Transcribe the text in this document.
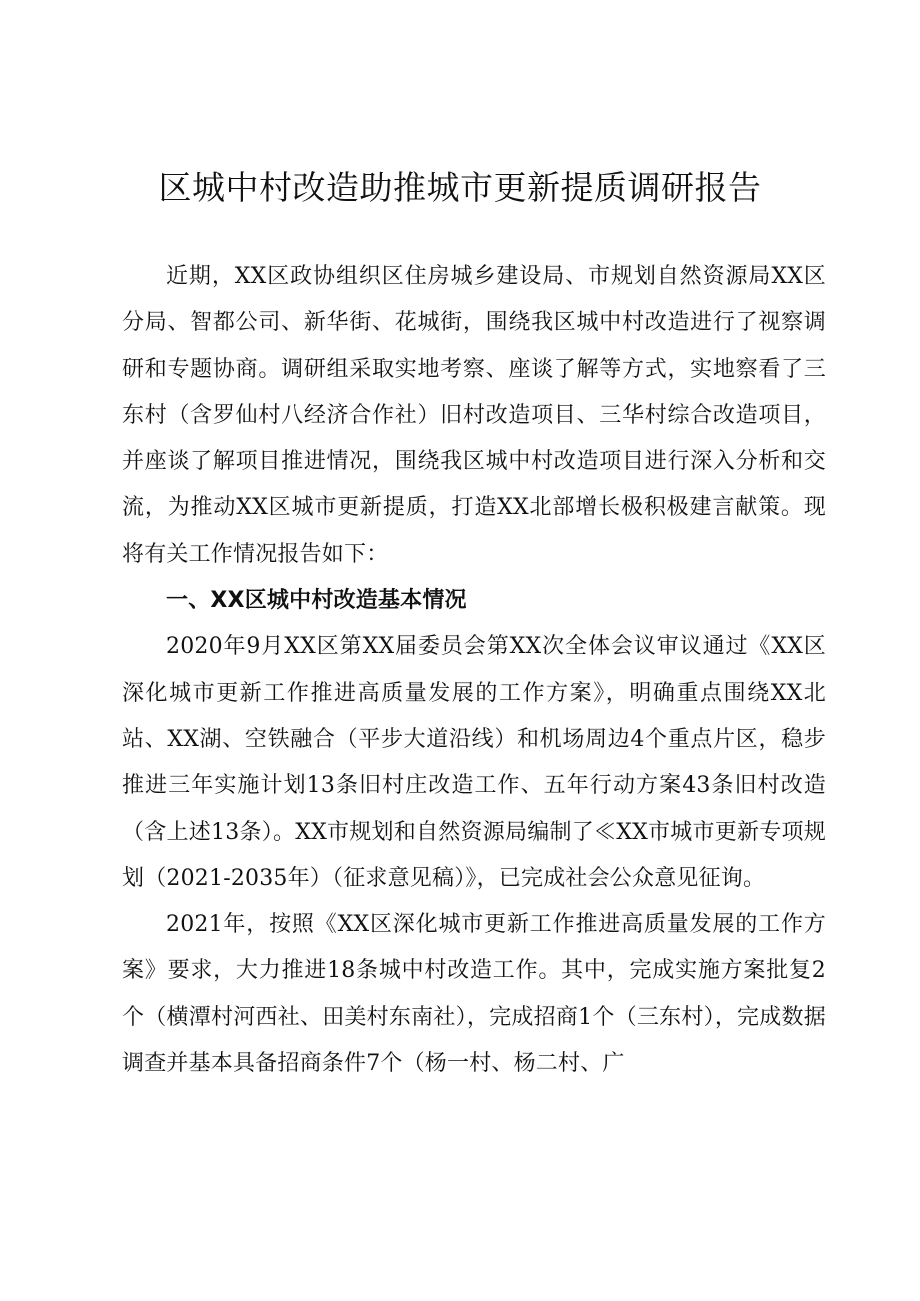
区城中村改造助推城市更新提质调研报告

近期，XX区政协组织区住房城乡建设局、市规划自然资源局XX区分局、智都公司、新华街、花城街，围绕我区城中村改造进行了视察调研和专题协商。调研组采取实地考察、座谈了解等方式，实地察看了三东村（含罗仙村八经济合作社）旧村改造项目、三华村综合改造项目，并座谈了解项目推进情况，围绕我区城中村改造项目进行深入分析和交流，为推动XX区城市更新提质，打造XX北部增长极积极建言献策。现将有关工作情况报告如下：

一、XX区城中村改造基本情况

2020年9月XX区第XX届委员会第XX次全体会议审议通过《XX区深化城市更新工作推进高质量发展的工作方案》，明确重点围绕XX北站、XX湖、空铁融合（平步大道沿线）和机场周边4个重点片区，稳步推进三年实施计划13条旧村庄改造工作、五年行动方案43条旧村改造（含上述13条）。XX市规划和自然资源局编制了≪XX市城市更新专项规划（2021-2035年）（征求意见稿）》，已完成社会公众意见征询。

2021年，按照《XX区深化城市更新工作推进高质量发展的工作方案》要求，大力推进18条城中村改造工作。其中，完成实施方案批复2个（横潭村河西社、田美村东南社），完成招商1个（三东村），完成数据调查并基本具备招商条件7个（杨一村、杨二村、广
